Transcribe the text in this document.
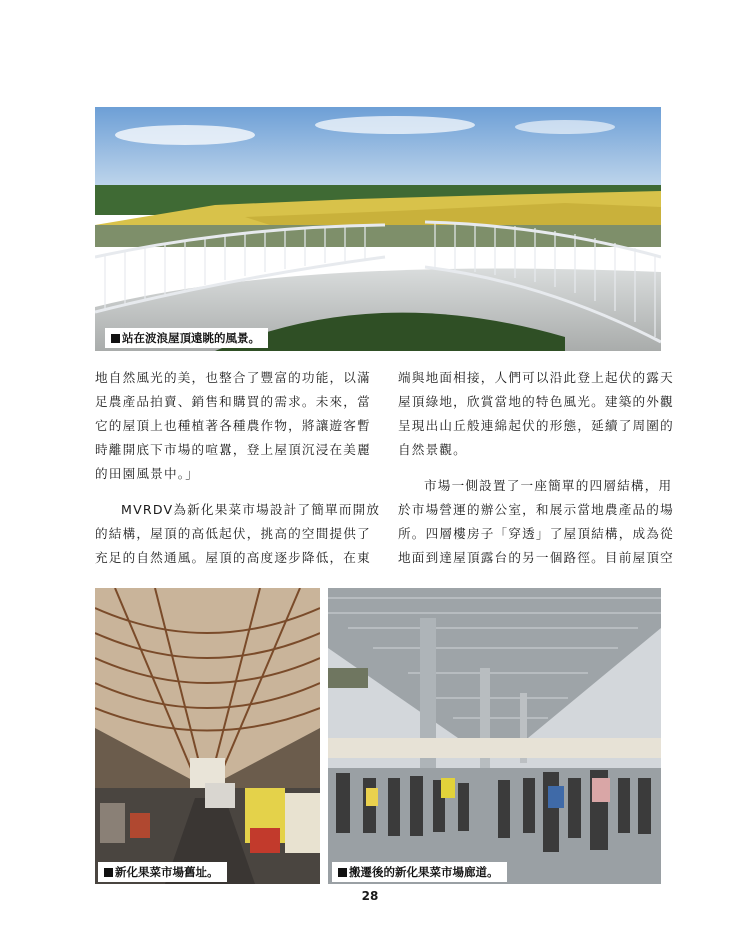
站在波浪屋頂遠眺的風景。

地自然風光的美，也整合了豐富的功能，以滿

足農產品拍賣、銷售和購買的需求。未來，當

它的屋頂上也種植著各種農作物，將讓遊客暫

時離開底下市場的喧囂，登上屋頂沉浸在美麗

的田園風景中。」

MVRDV為新化果菜市場設計了簡單而開放

的結構，屋頂的高低起伏，挑高的空間提供了

充足的自然通風。屋頂的高度逐步降低，在東

端與地面相接，人們可以沿此登上起伏的露天

屋頂綠地，欣賞當地的特色風光。建築的外觀

呈現出山丘般連綿起伏的形態，延續了周圍的

自然景觀。

市場一側設置了一座簡單的四層結構，用

於市場營運的辦公室，和展示當地農產品的場

所。四層樓房子「穿透」了屋頂結構，成為從

地面到達屋頂露台的另一個路徑。目前屋頂空

新化果菜市場舊址。	搬遷後的新化果菜市場廊道。
28
